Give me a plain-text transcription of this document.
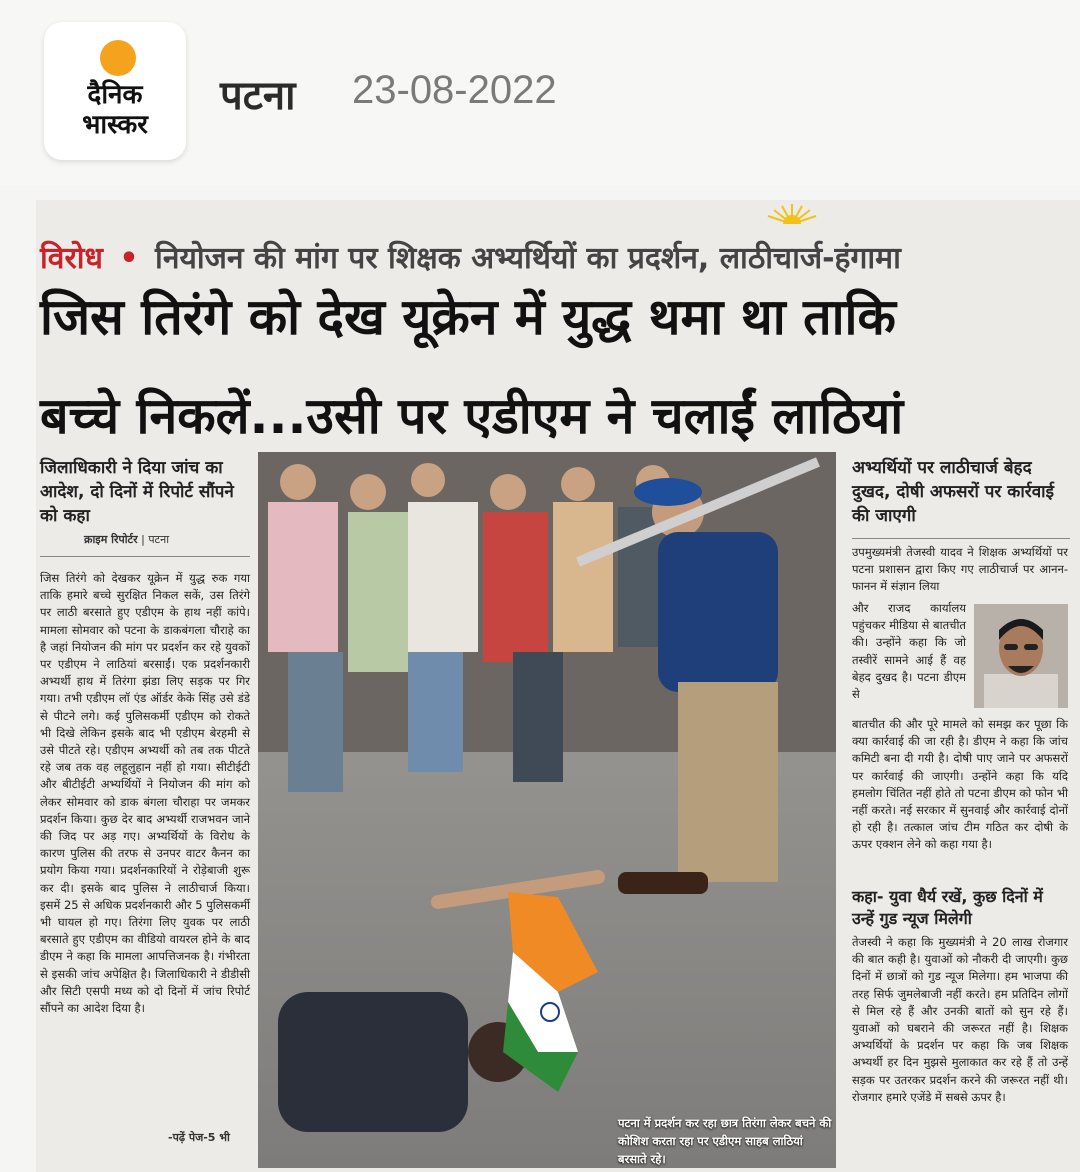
दैनिक
भास्कर
पटना 23-08-2022
विरोध • नियोजन की मांग पर शिक्षक अभ्यर्थियों का प्रदर्शन, लाठीचार्ज-हंगामा
जिस तिरंगे को देख यूक्रेन में युद्ध थमा था ताकि
बच्चे निकलें...उसी पर एडीएम ने चलाईं लाठियां
जिलाधिकारी ने दिया जांच का आदेश, दो दिनों में रिपोर्ट सौंपने को कहा
क्राइम रिपोर्टर | पटना
जिस तिरंगे को देखकर यूक्रेन में युद्ध रुक गया ताकि हमारे बच्चे सुरक्षित निकल सकें, उस तिरंगे पर लाठी बरसाते हुए एडीएम के हाथ नहीं कांपे। मामला सोमवार को पटना के डाकबंगला चौराहे का है जहां नियोजन की मांग पर प्रदर्शन कर रहे युवकों पर एडीएम ने लाठियां बरसाईं। एक प्रदर्शनकारी अभ्यर्थी हाथ में तिरंगा झंडा लिए सड़क पर गिर गया। तभी एडीएम लॉ एंड ऑर्डर केके सिंह उसे डंडे से पीटने लगे। कई पुलिसकर्मी एडीएम को रोकते भी दिखे लेकिन इसके बाद भी एडीएम बेरहमी से उसे पीटते रहे। एडीएम अभ्यर्थी को तब तक पीटते रहे जब तक वह लहूलुहान नहीं हो गया। सीटीईटी और बीटीईटी अभ्यर्थियों ने नियोजन की मांग को लेकर सोमवार को डाक बंगला चौराहा पर जमकर प्रदर्शन किया। कुछ देर बाद अभ्यर्थी राजभवन जाने की जिद पर अड़ गए। अभ्यर्थियों के विरोध के कारण पुलिस की तरफ से उनपर वाटर कैनन का प्रयोग किया गया। प्रदर्शनकारियों ने रोड़ेबाजी शुरू कर दी। इसके बाद पुलिस ने लाठीचार्ज किया। इसमें 25 से अधिक प्रदर्शनकारी और 5 पुलिसकर्मी भी घायल हो गए। तिरंगा लिए युवक पर लाठी बरसाते हुए एडीएम का वीडियो वायरल होने के बाद डीएम ने कहा कि मामला आपत्तिजनक है। गंभीरता से इसकी जांच अपेक्षित है। जिलाधिकारी ने डीडीसी और सिटी एसपी मध्य को दो दिनों में जांच रिपोर्ट सौंपने का आदेश दिया है।
-पढ़ें पेज-5 भी
पटना में प्रदर्शन कर रहा छात्र तिरंगा लेकर बचने की कोशिश करता रहा पर एडीएम साहब लाठियां बरसाते रहे।
अभ्यर्थियों पर लाठीचार्ज बेहद दुखद, दोषी अफसरों पर कार्रवाई की जाएगी
उपमुख्यमंत्री तेजस्वी यादव ने शिक्षक अभ्यर्थियों पर पटना प्रशासन द्वारा किए गए लाठीचार्ज पर आनन-फानन में संज्ञान लिया
और राजद कार्यालय पहुंचकर मीडिया से बातचीत की। उन्होंने कहा कि जो तस्वीरें सामने आई हैं वह बेहद दुखद है। पटना डीएम से
बातचीत की और पूरे मामले को समझ कर पूछा कि क्या कार्रवाई की जा रही है। डीएम ने कहा कि जांच कमिटी बना दी गयी है। दोषी पाए जाने पर अफसरों पर कार्रवाई की जाएगी। उन्होंने कहा कि यदि हमलोग चिंतित नहीं होते तो पटना डीएम को फोन भी नहीं करते। नई सरकार में सुनवाई और कार्रवाई दोनों हो रही है। तत्काल जांच टीम गठित कर दोषी के ऊपर एक्शन लेने को कहा गया है।
कहा- युवा धैर्य रखें, कुछ दिनों में उन्हें गुड न्यूज मिलेगी
तेजस्वी ने कहा कि मुख्यमंत्री ने 20 लाख रोजगार की बात कही है। युवाओं को नौकरी दी जाएगी। कुछ दिनों में छात्रों को गुड न्यूज मिलेगा। हम भाजपा की तरह सिर्फ जुमलेबाजी नहीं करते। हम प्रतिदिन लोगों से मिल रहे हैं और उनकी बातों को सुन रहे हैं। युवाओं को घबराने की जरूरत नहीं है। शिक्षक अभ्यर्थियों के प्रदर्शन पर कहा कि जब शिक्षक अभ्यर्थी हर दिन मुझसे मुलाकात कर रहे हैं तो उन्हें सड़क पर उतरकर प्रदर्शन करने की जरूरत नहीं थी। रोजगार हमारे एजेंडे में सबसे ऊपर है।
